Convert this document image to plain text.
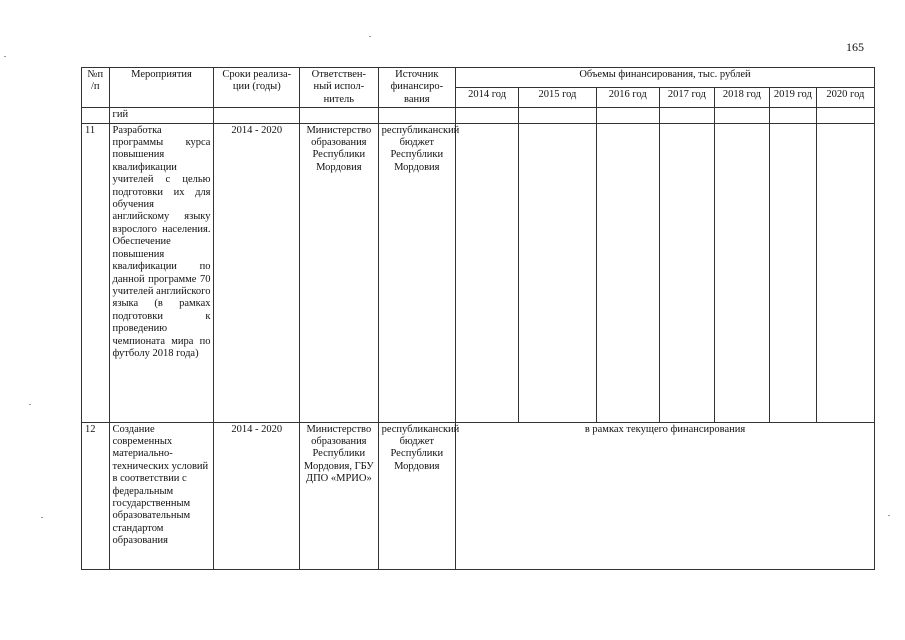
165
№п /п	Мероприятия	Сроки реализа-ции (годы)	Ответствен-ный испол-нитель	Источник финансиро-вания	Объемы финансирования, тыс. рублей						
					2014 год	2015 год	2016 год	2017 год	2018 год	2019 год	2020 год
	гий										
11	Разработка программы курса повышения квалификации учителей с целью подготовки их для обучения английскому языку взрослого населения. Обеспечение повышения квалификации по данной программе 70 учителей английского языка (в рамках подготовки к проведению чемпионата мира по футболу 2018 года)	2014 - 2020	Министерство образования Республики Мордовия	республиканский бюджет Республики Мордовия							
12	Создание современных материально-технических условий в соответствии с федеральным государственным образовательным стандартом образования	2014 - 2020	Министерство образования Республики Мордовия, ГБУ ДПО «МРИО»	республиканский бюджет Республики Мордовия	в рамках текущего финансирования						
